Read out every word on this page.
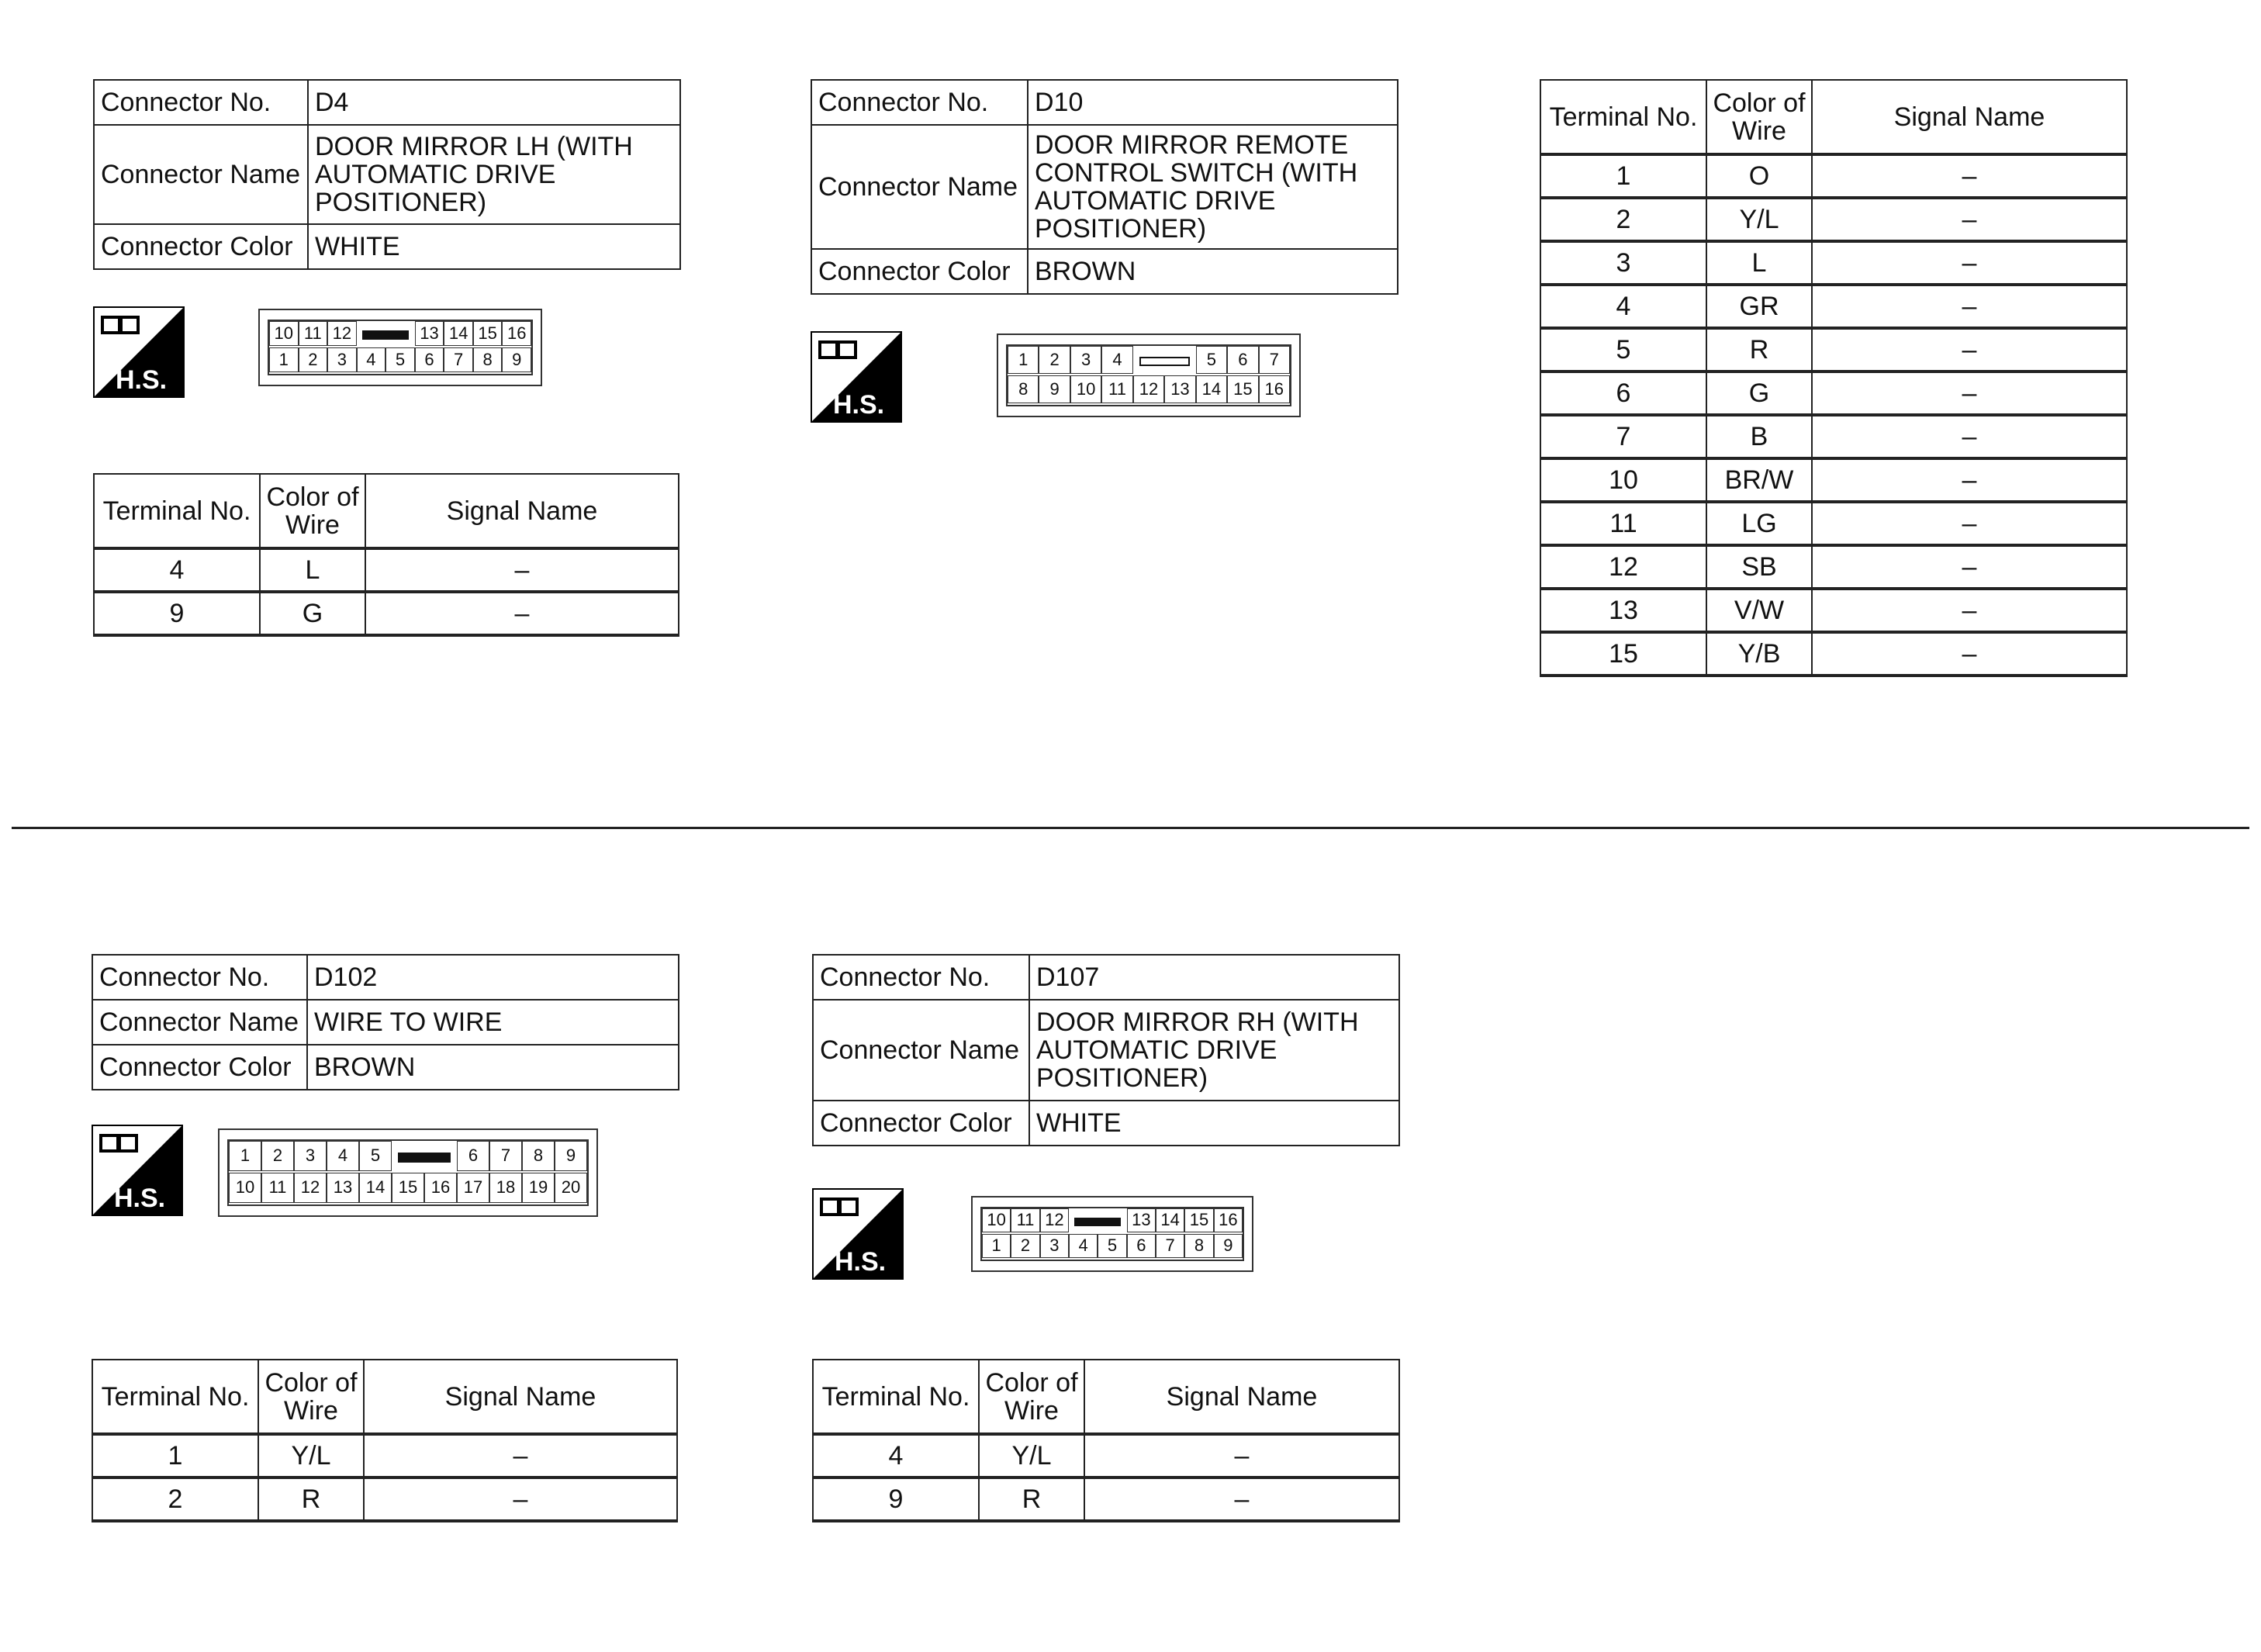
Connector No.	D4
Connector Name	DOOR MIRROR LH (WITH AUTOMATIC DRIVE POSITIONER)
Connector Color	WHITE
H.S.
10 11 12	13 14 15 16
1	2	3	4	5	6	7	8	9
Terminal No.	Color of Wire	Signal Name
4	L	–
9	G	–
Connector No.	D10
Connector Name	DOOR MIRROR REMOTE CONTROL SWITCH (WITH AUTOMATIC DRIVE POSITIONER)
Connector Color	BROWN
H.S.
1	2	3	4	5	6	7
8	9	10 11 12 13 14 15 16
Terminal No.	Color of Wire	Signal Name
1	O	–
2	Y/L	–
3	L	–
4	GR	–
5	R	–
6	G	–
7	B	–
10	BR/W	–
11	LG	–
12	SB	–
13	V/W	–
15	Y/B	–
Connector No.	D102
Connector Name	WIRE TO WIRE
Connector Color	BROWN
H.S.
1	2	3	4	5	6	7	8	9
10 11 12 13 14 15 16 17 18 19 20
Terminal No.	Color of Wire	Signal Name
1	Y/L	–
2	R	–
Connector No.	D107
Connector Name	DOOR MIRROR RH (WITH AUTOMATIC DRIVE POSITIONER)
Connector Color	WHITE
H.S.
10 11 12	13 14 15 16
1	2	3	4	5	6	7	8	9
Terminal No.	Color of Wire	Signal Name
4	Y/L	–
9	R	–
